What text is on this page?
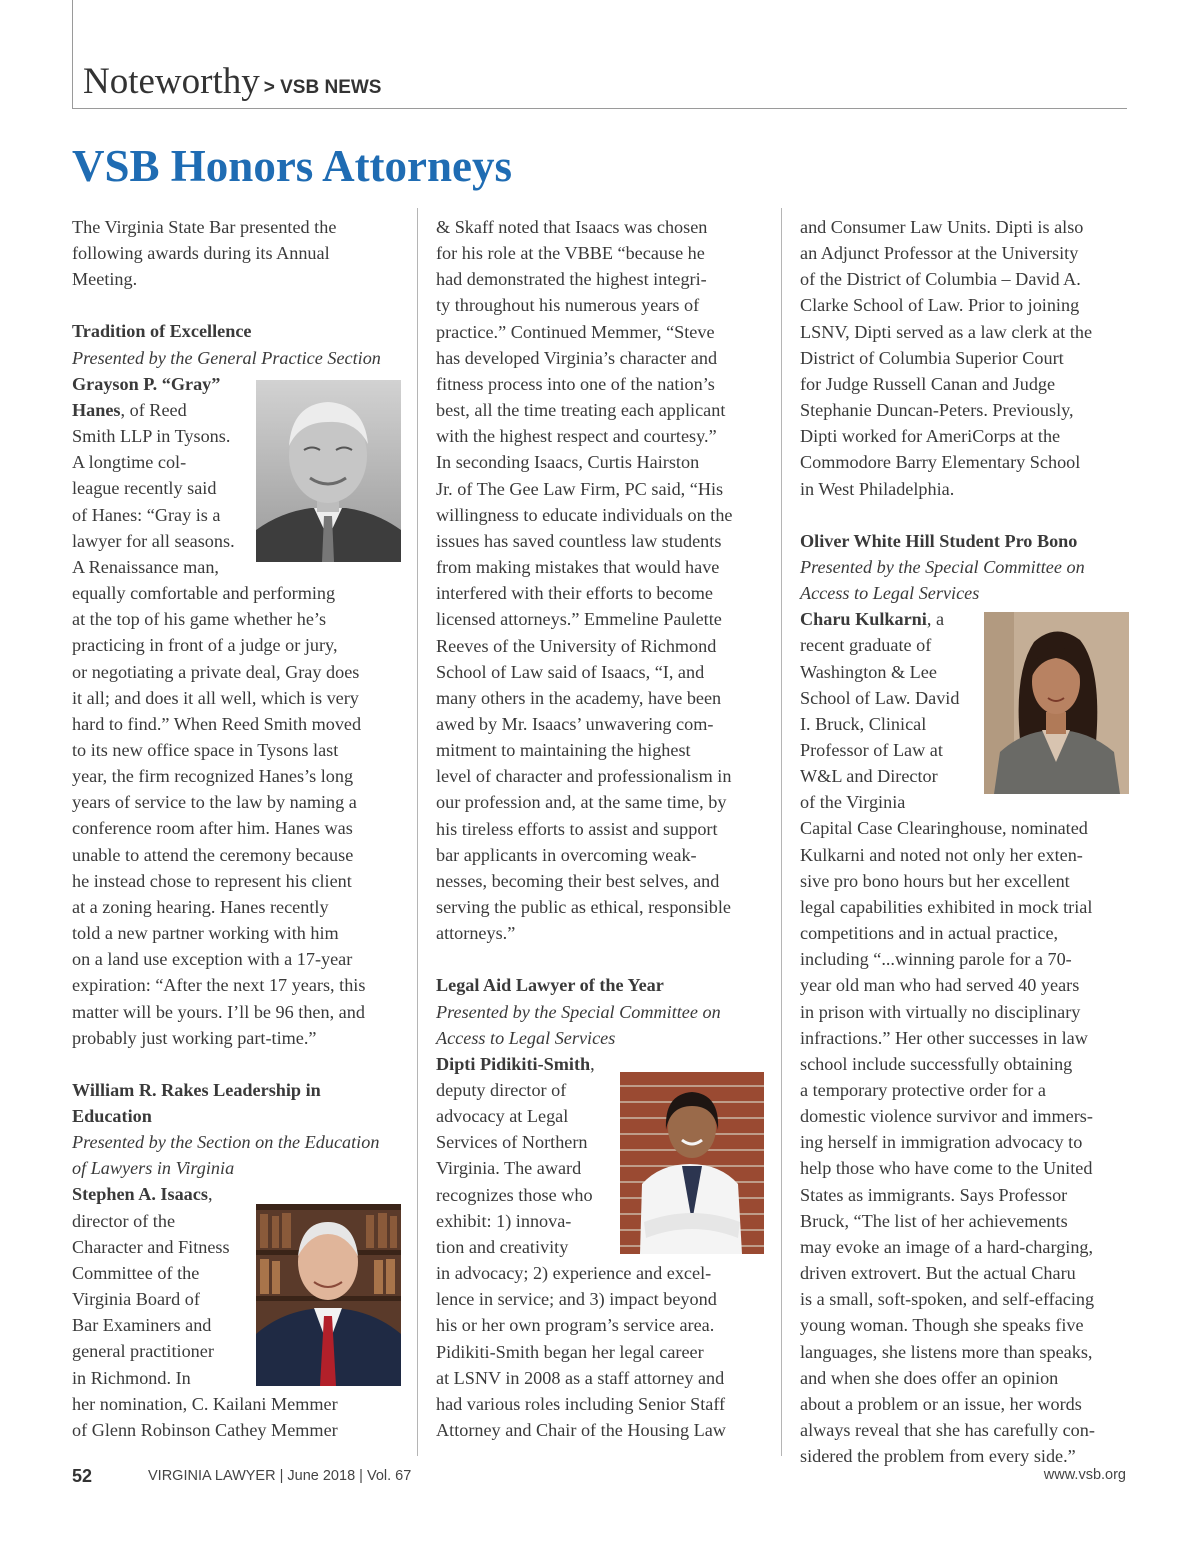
Noteworthy > VSB NEWS
VSB Honors Attorneys

The Virginia State Bar presented the
following awards during its Annual
Meeting.

Tradition of Excellence

Presented by the General Practice Section

Grayson P. “Gray”
Hanes, of Reed
Smith LLP in Tysons.
A longtime col-
league recently said
of Hanes: “Gray is a
lawyer for all seasons.
A Renaissance man,
equally comfortable and performing
at the top of his game whether he’s
practicing in front of a judge or jury,
or negotiating a private deal, Gray does
it all; and does it all well, which is very
hard to find.” When Reed Smith moved
to its new office space in Tysons last
year, the firm recognized Hanes’s long
years of service to the law by naming a
conference room after him. Hanes was
unable to attend the ceremony because
he instead chose to represent his client
at a zoning hearing. Hanes recently
told a new partner working with him
on a land use exception with a 17-year
expiration: “After the next 17 years, this
matter will be yours. I’ll be 96 then, and
probably just working part-time.”

William R. Rakes Leadership in
Education

Presented by the Section on the Education
of Lawyers in Virginia

Stephen A. Isaacs,
director of the
Character and Fitness
Committee of the
Virginia Board of
Bar Examiners and
general practitioner
in Richmond. In
her nomination, C. Kailani Memmer
of Glenn Robinson Cathey Memmer

& Skaff noted that Isaacs was chosen
for his role at the VBBE “because he
had demonstrated the highest integri-
ty throughout his numerous years of
practice.” Continued Memmer, “Steve
has developed Virginia’s character and
fitness process into one of the nation’s
best, all the time treating each applicant
with the highest respect and courtesy.”
In seconding Isaacs, Curtis Hairston
Jr. of The Gee Law Firm, PC said, “His
willingness to educate individuals on the
issues has saved countless law students
from making mistakes that would have
interfered with their efforts to become
licensed attorneys.” Emmeline Paulette
Reeves of the University of Richmond
School of Law said of Isaacs, “I, and
many others in the academy, have been
awed by Mr. Isaacs’ unwavering com-
mitment to maintaining the highest
level of character and professionalism in
our profession and, at the same time, by
his tireless efforts to assist and support
bar applicants in overcoming weak-
nesses, becoming their best selves, and
serving the public as ethical, responsible
attorneys.”

Legal Aid Lawyer of the Year

Presented by the Special Committee on
Access to Legal Services

Dipti Pidikiti-Smith,
deputy director of
advocacy at Legal
Services of Northern
Virginia. The award
recognizes those who
exhibit: 1) innova-
tion and creativity
in advocacy; 2) experience and excel-
lence in service; and 3) impact beyond
his or her own program’s service area.
Pidikiti-Smith began her legal career
at LSNV in 2008 as a staff attorney and
had various roles including Senior Staff
Attorney and Chair of the Housing Law

and Consumer Law Units. Dipti is also
an Adjunct Professor at the University
of the District of Columbia – David A.
Clarke School of Law. Prior to joining
LSNV, Dipti served as a law clerk at the
District of Columbia Superior Court
for Judge Russell Canan and Judge
Stephanie Duncan-Peters. Previously,
Dipti worked for AmeriCorps at the
Commodore Barry Elementary School
in West Philadelphia.

Oliver White Hill Student Pro Bono

Presented by the Special Committee on
Access to Legal Services

Charu Kulkarni, a
recent graduate of
Washington & Lee
School of Law. David
I. Bruck, Clinical
Professor of Law at
W&L and Director
of the Virginia
Capital Case Clearinghouse, nominated
Kulkarni and noted not only her exten-
sive pro bono hours but her excellent
legal capabilities exhibited in mock trial
competitions and in actual practice,
including “...winning parole for a 70-
year old man who had served 40 years
in prison with virtually no disciplinary
infractions.” Her other successes in law
school include successfully obtaining
a temporary protective order for a
domestic violence survivor and immers-
ing herself in immigration advocacy to
help those who have come to the United
States as immigrants. Says Professor
Bruck, “The list of her achievements
may evoke an image of a hard-charging,
driven extrovert. But the actual Charu
is a small, soft-spoken, and self-effacing
young woman. Though she speaks five
languages, she listens more than speaks,
and when she does offer an opinion
about a problem or an issue, her words
always reveal that she has carefully con-
sidered the problem from every side.”

52	VIRGINIA LAWYER | June 2018 | Vol. 67	www.vsb.org
